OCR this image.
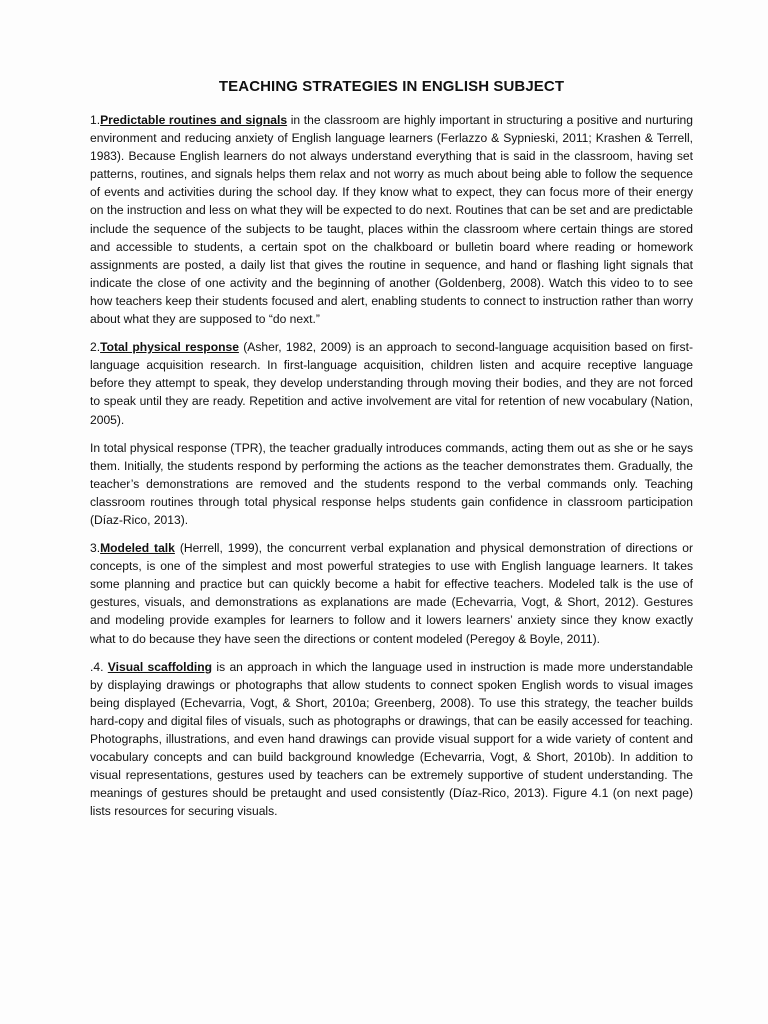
TEACHING STRATEGIES IN ENGLISH SUBJECT

1.Predictable routines and signals in the classroom are highly important in structuring a positive and nurturing environment and reducing anxiety of English language learners (Ferlazzo & Sypnieski, 2011; Krashen & Terrell, 1983). Because English learners do not always understand everything that is said in the classroom, having set patterns, routines, and signals helps them relax and not worry as much about being able to follow the sequence of events and activities during the school day. If they know what to expect, they can focus more of their energy on the instruction and less on what they will be expected to do next. Routines that can be set and are predictable include the sequence of the subjects to be taught, places within the classroom where certain things are stored and accessible to students, a certain spot on the chalkboard or bulletin board where reading or homework assignments are posted, a daily list that gives the routine in sequence, and hand or flashing light signals that indicate the close of one activity and the beginning of another (Goldenberg, 2008). Watch this video to to see how teachers keep their students focused and alert, enabling students to connect to instruction rather than worry about what they are supposed to “do next.”

2.Total physical response (Asher, 1982, 2009) is an approach to second-language acquisition based on first-language acquisition research. In first-language acquisition, children listen and acquire receptive language before they attempt to speak, they develop understanding through moving their bodies, and they are not forced to speak until they are ready. Repetition and active involvement are vital for retention of new vocabulary (Nation, 2005).

In total physical response (TPR), the teacher gradually introduces commands, acting them out as she or he says them. Initially, the students respond by performing the actions as the teacher demonstrates them. Gradually, the teacher’s demonstrations are removed and the students respond to the verbal commands only. Teaching classroom routines through total physical response helps students gain confidence in classroom participation (Díaz-Rico, 2013).

3.Modeled talk (Herrell, 1999), the concurrent verbal explanation and physical demonstration of directions or concepts, is one of the simplest and most powerful strategies to use with English language learners. It takes some planning and practice but can quickly become a habit for effective teachers. Modeled talk is the use of gestures, visuals, and demonstrations as explanations are made (Echevarria, Vogt, & Short, 2012). Gestures and modeling provide examples for learners to follow and it lowers learners’ anxiety since they know exactly what to do because they have seen the directions or content modeled (Peregoy & Boyle, 2011).

.4. Visual scaffolding is an approach in which the language used in instruction is made more understandable by displaying drawings or photographs that allow students to connect spoken English words to visual images being displayed (Echevarria, Vogt, & Short, 2010a; Greenberg, 2008). To use this strategy, the teacher builds hard-copy and digital files of visuals, such as photographs or drawings, that can be easily accessed for teaching. Photographs, illustrations, and even hand drawings can provide visual support for a wide variety of content and vocabulary concepts and can build background knowledge (Echevarria, Vogt, & Short, 2010b). In addition to visual representations, gestures used by teachers can be extremely supportive of student understanding. The meanings of gestures should be pretaught and used consistently (Díaz-Rico, 2013). Figure 4.1 (on next page) lists resources for securing visuals.
